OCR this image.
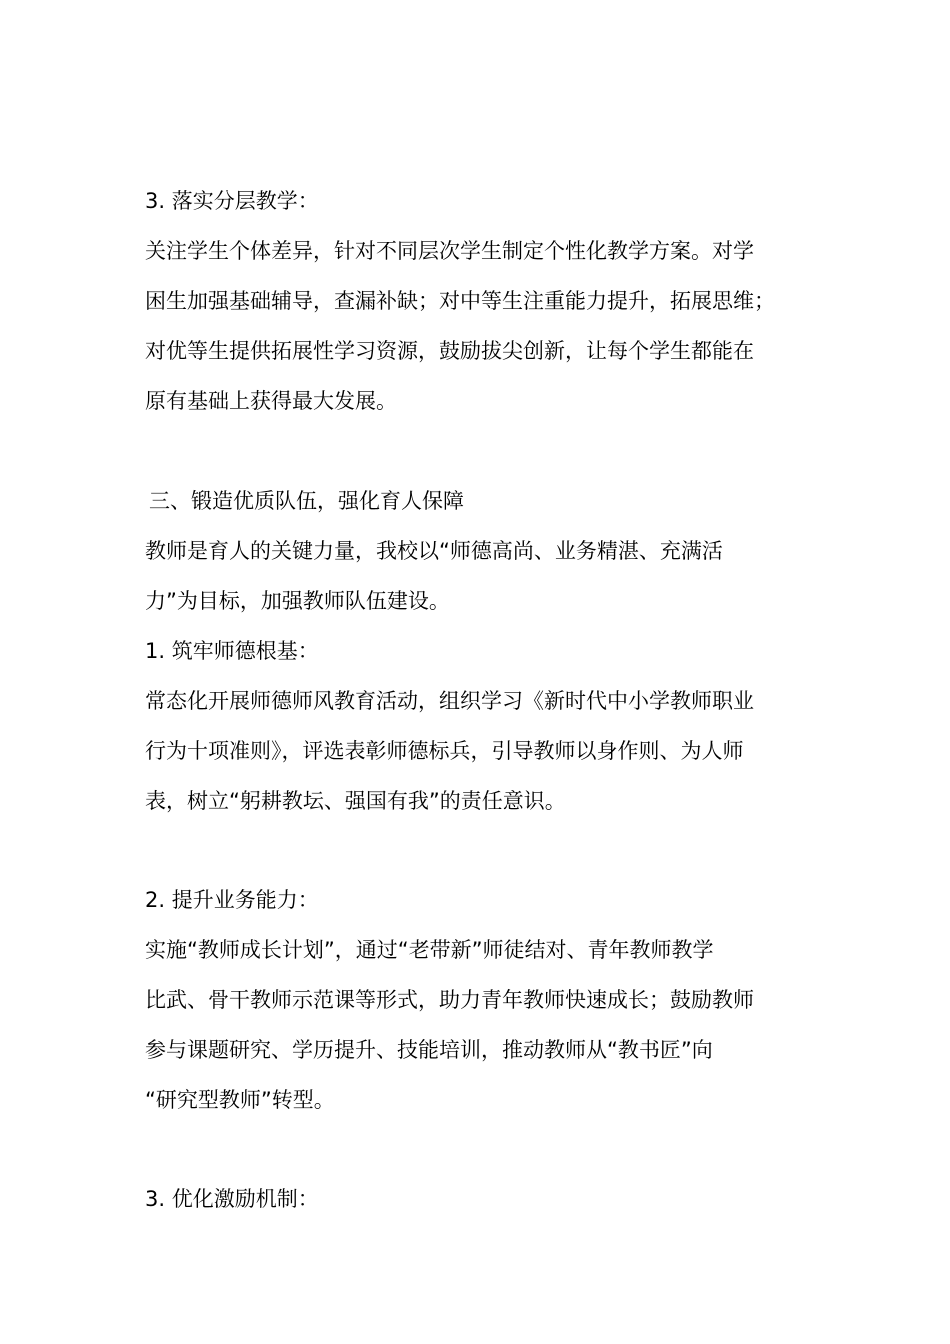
3. 落实分层教学：
关注学生个体差异，针对不同层次学生制定个性化教学方案。对学
困生加强基础辅导，查漏补缺；对中等生注重能力提升，拓展思维；
对优等生提供拓展性学习资源，鼓励拔尖创新，让每个学生都能在
原有基础上获得最大发展。
三、锻造优质队伍，强化育人保障
教师是育人的关键力量，我校以“师德高尚、业务精湛、充满活
力”为目标，加强教师队伍建设。
1. 筑牢师德根基：
常态化开展师德师风教育活动，组织学习《新时代中小学教师职业
行为十项准则》，评选表彰师德标兵，引导教师以身作则、为人师
表，树立“躬耕教坛、强国有我”的责任意识。
2. 提升业务能力：
实施“教师成长计划”，通过“老带新”师徒结对、青年教师教学
比武、骨干教师示范课等形式，助力青年教师快速成长；鼓励教师
参与课题研究、学历提升、技能培训，推动教师从“教书匠”向
“研究型教师”转型。
3. 优化激励机制：
